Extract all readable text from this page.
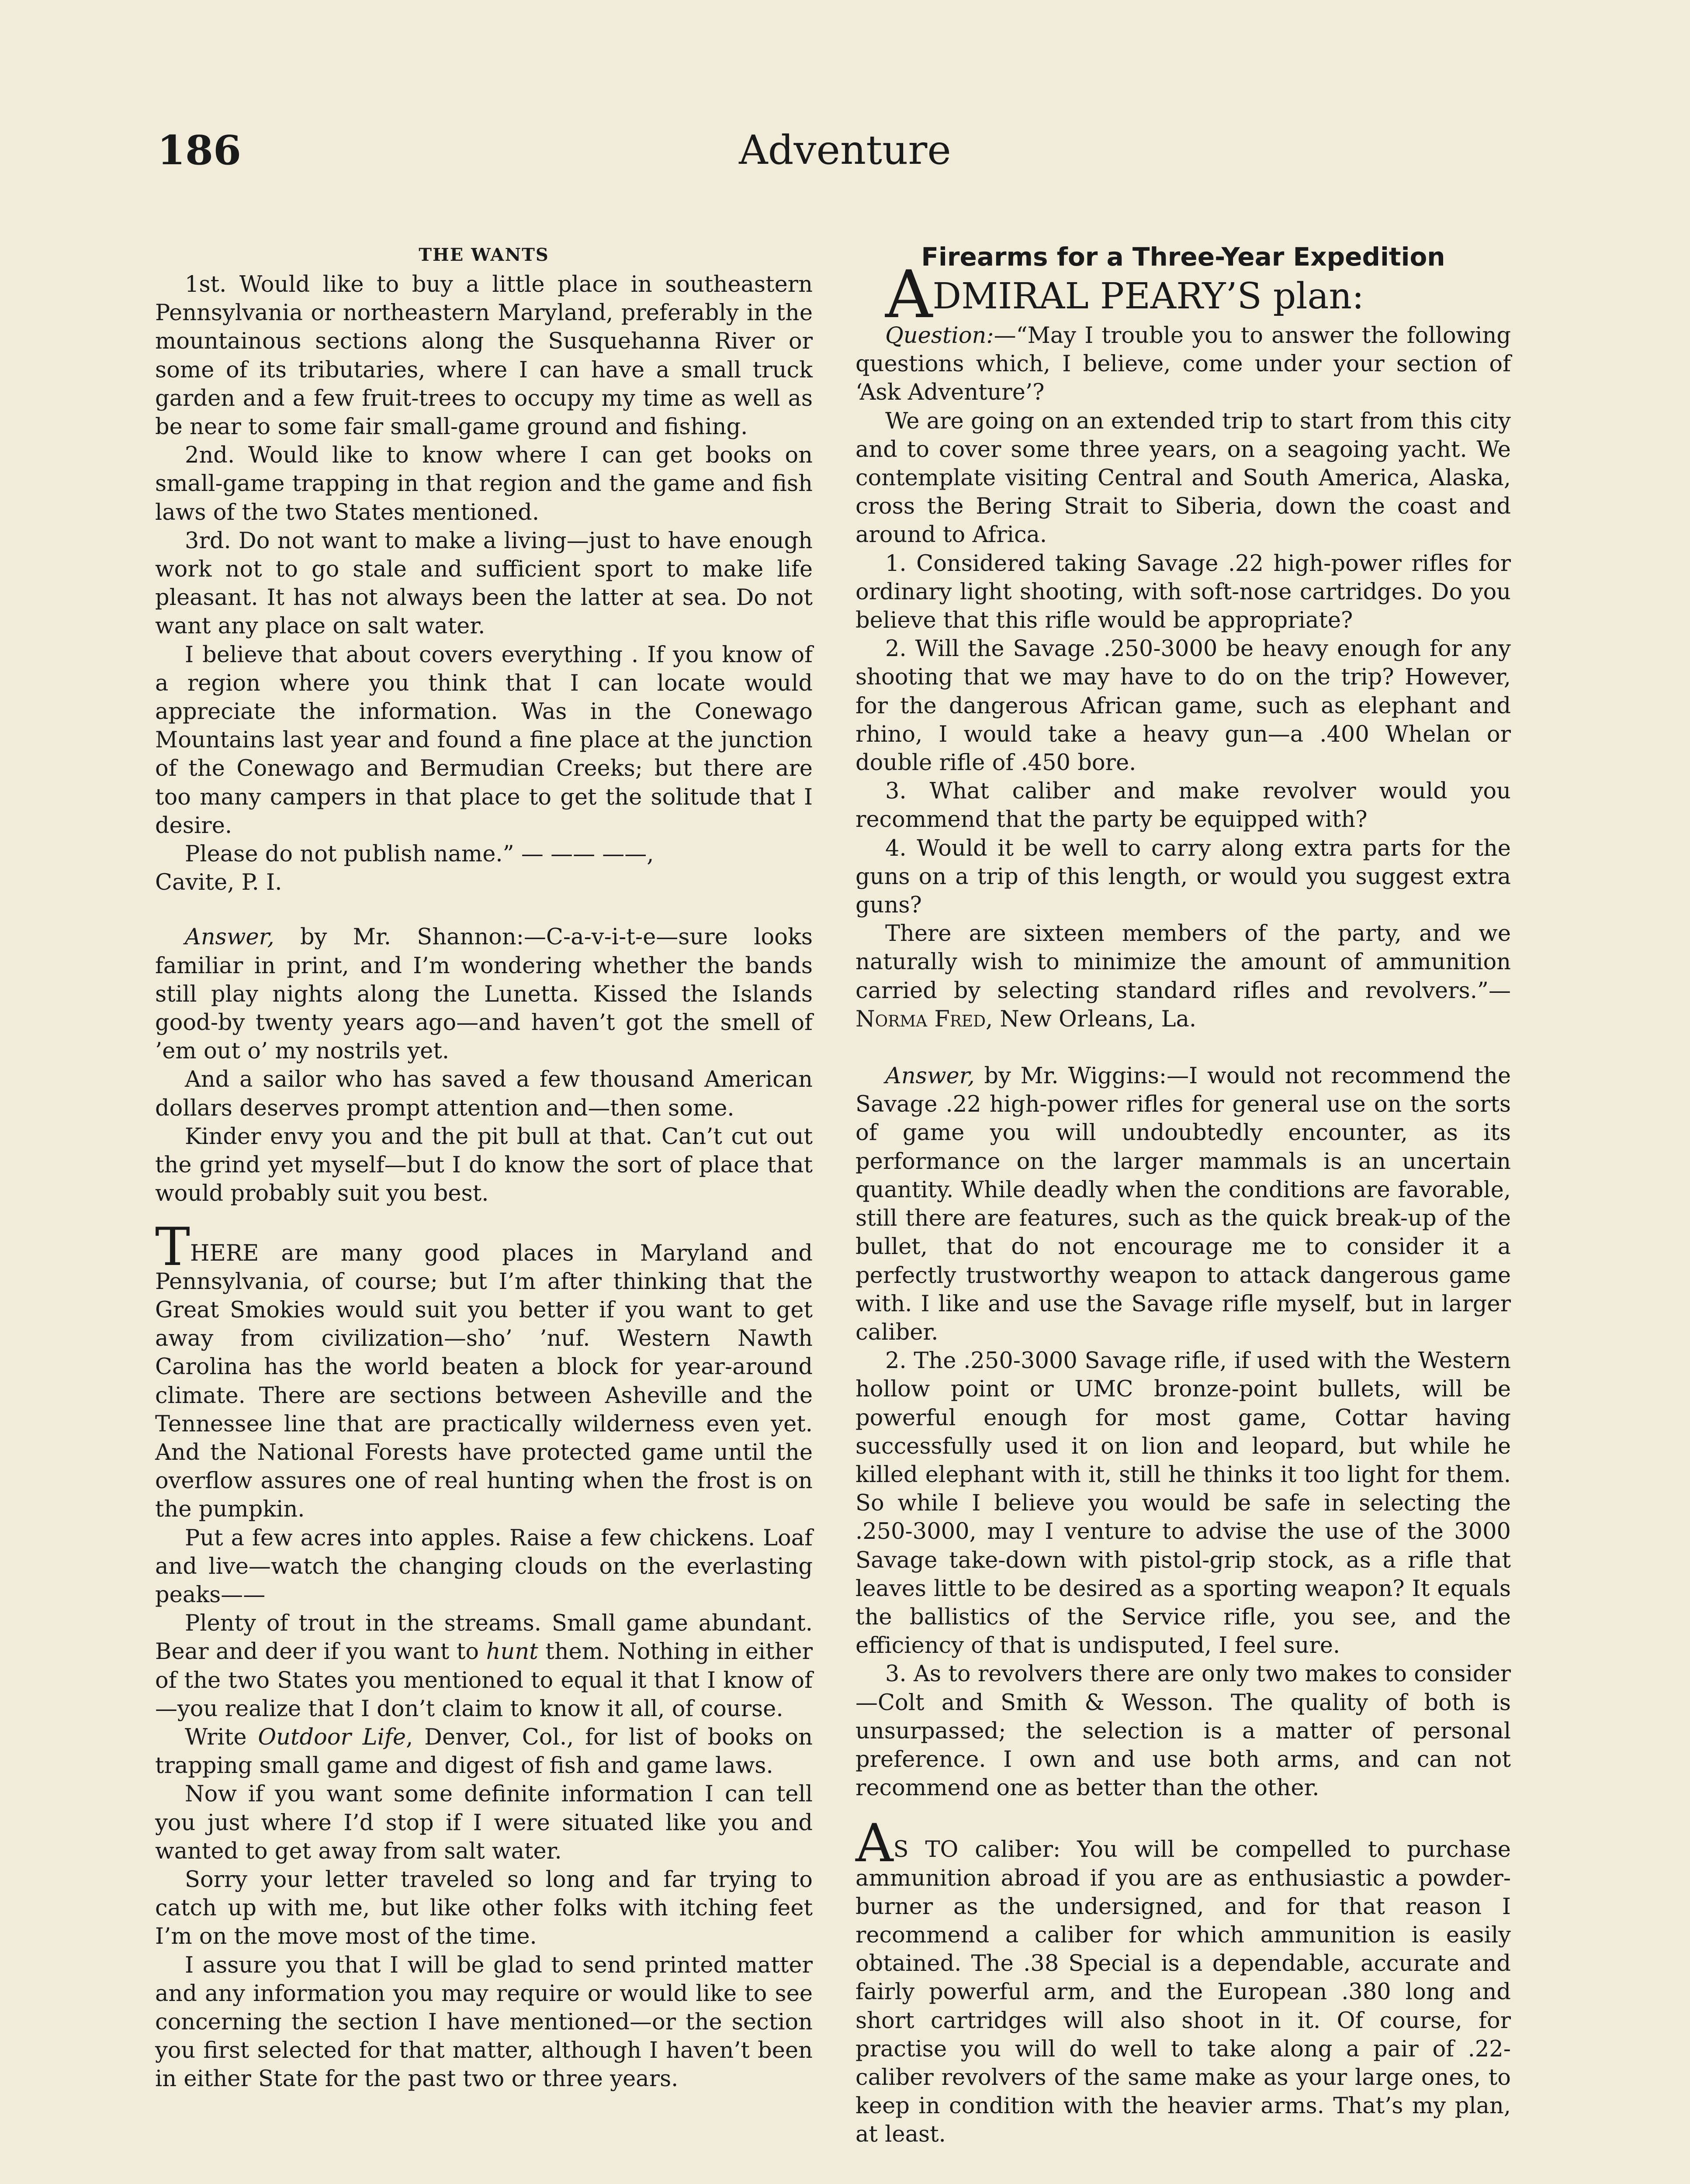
186	Adventure
THE WANTS

1st. Would like to buy a little place in southeastern Pennsylvania or northeastern Maryland, preferably in the mountainous sections along the Susquehanna River or some of its tributaries, where I can have a small truck garden and a few fruit-trees to occupy my time as well as be near to some fair small-game ground and fishing.

2nd. Would like to know where I can get books on small-game trapping in that region and the game and fish laws of the two States mentioned.

3rd. Do not want to make a living—just to have enough work not to go stale and sufficient sport to make life pleasant. It has not always been the latter at sea. Do not want any place on salt water.

I believe that about covers everything . If you know of a region where you think that I can locate would appreciate the information. Was in the Conewago Mountains last year and found a fine place at the junction of the Conewago and Bermudian Creeks; but there are too many campers in that place to get the solitude that I desire.

Please do not publish name.” — —— ——,

Cavite, P. I.

Answer, by Mr. Shannon:—C-a-v-i-t-e—sure looks familiar in print, and I’m wondering whether the bands still play nights along the Lunetta. Kissed the Islands good-by twenty years ago—and haven’t got the smell of ’em out o’ my nostrils yet.

And a sailor who has saved a few thousand American dollars deserves prompt attention and—then some.

Kinder envy you and the pit bull at that. Can’t cut out the grind yet myself—but I do know the sort of place that would probably suit you best.

THERE are many good places in Maryland and Pennsylvania, of course; but I’m after thinking that the Great Smokies would suit you better if you want to get away from civilization—sho’ ’nuf. Western Nawth Carolina has the world beaten a block for year-around climate. There are sections between Asheville and the Tennessee line that are practically wilderness even yet. And the National Forests have protected game until the overflow assures one of real hunting when the frost is on the pumpkin.

Put a few acres into apples. Raise a few chickens. Loaf and live—watch the changing clouds on the everlasting peaks——

Plenty of trout in the streams. Small game abundant. Bear and deer if you want to hunt them. Nothing in either of the two States you mentioned to equal it that I know of—you realize that I don’t claim to know it all, of course.

Write Outdoor Life, Denver, Col., for list of books on trapping small game and digest of fish and game laws.

Now if you want some definite information I can tell you just where I’d stop if I were situated like you and wanted to get away from salt water.

Sorry your letter traveled so long and far trying to catch up with me, but like other folks with itching feet I’m on the move most of the time.

I assure you that I will be glad to send printed matter and any information you may require or would like to see concerning the section I have mentioned—or the section you first selected for that matter, although I haven’t been in either State for the past two or three years.

Firearms for a Three-Year Expedition

ADMIRAL PEARY’S plan:

Question:—“May I trouble you to answer the following questions which, I believe, come under your section of ‘Ask Adventure’?

We are going on an extended trip to start from this city and to cover some three years, on a seagoing yacht. We contemplate visiting Central and South America, Alaska, cross the Bering Strait to Siberia, down the coast and around to Africa.

1. Considered taking Savage .22 high-power rifles for ordinary light shooting, with soft-nose cartridges. Do you believe that this rifle would be appropriate?

2. Will the Savage .250-3000 be heavy enough for any shooting that we may have to do on the trip? However, for the dangerous African game, such as elephant and rhino, I would take a heavy gun—a .400 Whelan or double rifle of .450 bore.

3. What caliber and make revolver would you recommend that the party be equipped with?

4. Would it be well to carry along extra parts for the guns on a trip of this length, or would you suggest extra guns?

There are sixteen members of the party, and we naturally wish to minimize the amount of ammunition carried by selecting standard rifles and revolvers.”—Norma Fred, New Orleans, La.

Answer, by Mr. Wiggins:—I would not recommend the Savage .22 high-power rifles for general use on the sorts of game you will undoubtedly encounter, as its performance on the larger mammals is an uncertain quantity. While deadly when the conditions are favorable, still there are features, such as the quick break-up of the bullet, that do not encourage me to consider it a perfectly trustworthy weapon to attack dangerous game with. I like and use the Savage rifle myself, but in larger caliber.

2. The .250-3000 Savage rifle, if used with the Western hollow point or UMC bronze-point bullets, will be powerful enough for most game, Cottar having successfully used it on lion and leopard, but while he killed elephant with it, still he thinks it too light for them. So while I believe you would be safe in selecting the .250-3000, may I venture to advise the use of the 3000 Savage take-down with pistol-grip stock, as a rifle that leaves little to be desired as a sporting weapon? It equals the ballistics of the Service rifle, you see, and the efficiency of that is undisputed, I feel sure.

3. As to revolvers there are only two makes to consider—Colt and Smith & Wesson. The quality of both is unsurpassed; the selection is a matter of personal preference. I own and use both arms, and can not recommend one as better than the other.

AS TO caliber: You will be compelled to purchase ammunition abroad if you are as enthusiastic a powder-burner as the undersigned, and for that reason I recommend a caliber for which ammunition is easily obtained. The .38 Special is a dependable, accurate and fairly powerful arm, and the European .380 long and short cartridges will also shoot in it. Of course, for practise you will do well to take along a pair of .22-caliber revolvers of the same make as your large ones, to keep in condition with the heavier arms. That’s my plan, at least.
